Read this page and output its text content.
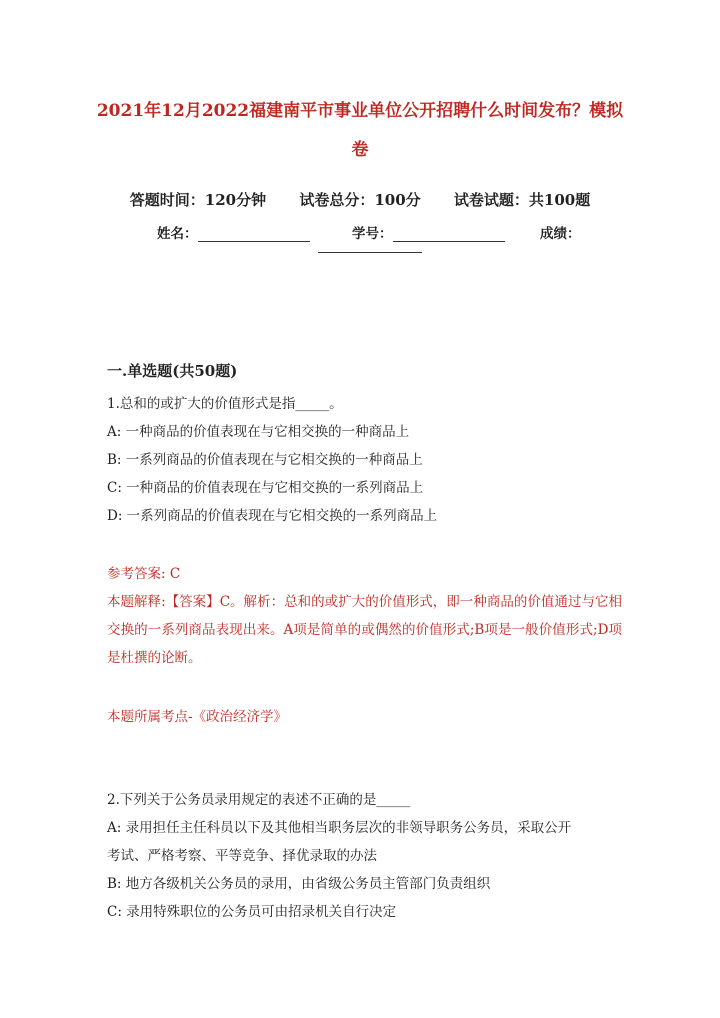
2021年12月2022福建南平市事业单位公开招聘什么时间发布？模拟卷
答题时间：120分钟 试卷总分：100分 试卷试题：共100题
姓名：	学号：	成绩：
一.单选题(共50题)
1.总和的或扩大的价值形式是指_____。
A: 一种商品的价值表现在与它相交换的一种商品上
B: 一系列商品的价值表现在与它相交换的一种商品上
C: 一种商品的价值表现在与它相交换的一系列商品上
D: 一系列商品的价值表现在与它相交换的一系列商品上
参考答案: C
本题解释:【答案】C。解析：总和的或扩大的价值形式，即一种商品的价值通过与它相交换的一系列商品表现出来。A项是简单的或偶然的价值形式;B项是一般价值形式;D项是杜撰的论断。
本题所属考点-《政治经济学》
2.下列关于公务员录用规定的表述不正确的是_____
A: 录用担任主任科员以下及其他相当职务层次的非领导职务公务员，采取公开
考试、严格考察、平等竞争、择优录取的办法
B: 地方各级机关公务员的录用，由省级公务员主管部门负责组织
C: 录用特殊职位的公务员可由招录机关自行决定
